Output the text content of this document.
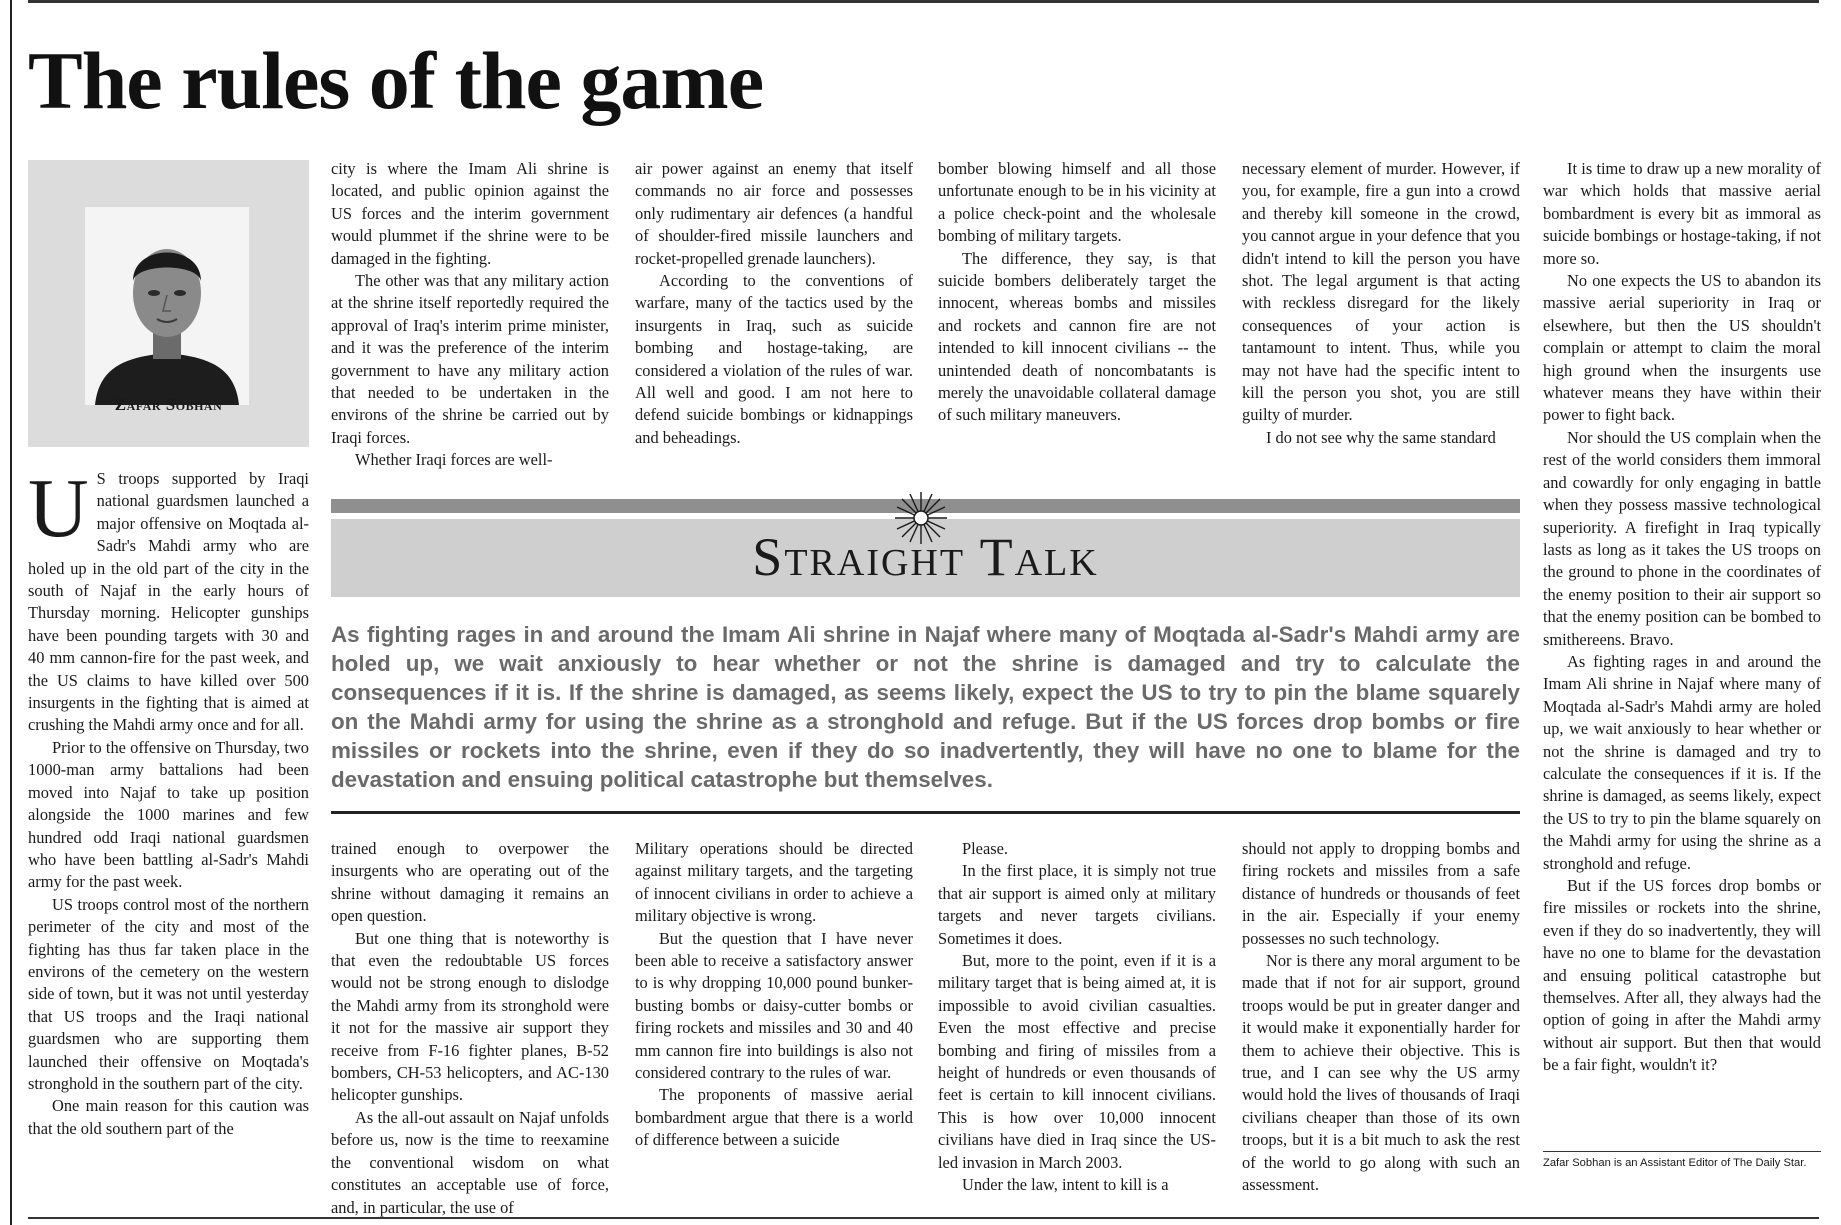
The rules of the game
Zafar Sobhan

U S troops supported by Iraqi national guardsmen launched a major offensive on Moqtada al-Sadr's Mahdi army who are holed up in the old part of the city in the south of Najaf in the early hours of Thursday morning. Helicopter gunships have been pounding targets with 30 and 40 mm cannon-fire for the past week, and the US claims to have killed over 500 insurgents in the fighting that is aimed at crushing the Mahdi army once and for all.

Prior to the offensive on Thursday, two 1000-man army battalions had been moved into Najaf to take up position alongside the 1000 marines and few hundred odd Iraqi national guardsmen who have been battling al-Sadr's Mahdi army for the past week.

US troops control most of the northern perimeter of the city and most of the fighting has thus far taken place in the environs of the cemetery on the western side of town, but it was not until yesterday that US troops and the Iraqi national guardsmen who are supporting them launched their offensive on Moqtada's stronghold in the southern part of the city.

One main reason for this caution was that the old southern part of the

city is where the Imam Ali shrine is located, and public opinion against the US forces and the interim government would plummet if the shrine were to be damaged in the fighting.

The other was that any military action at the shrine itself reportedly required the approval of Iraq's interim prime minister, and it was the preference of the interim government to have any military action that needed to be undertaken in the environs of the shrine be carried out by Iraqi forces.

Whether Iraqi forces are well-

air power against an enemy that itself commands no air force and possesses only rudimentary air defences (a handful of shoulder-fired missile launchers and rocket-propelled grenade launchers).

According to the conventions of warfare, many of the tactics used by the insurgents in Iraq, such as suicide bombing and hostage-taking, are considered a violation of the rules of war. All well and good. I am not here to defend suicide bombings or kidnappings and beheadings.

bomber blowing himself and all those unfortunate enough to be in his vicinity at a police check-point and the wholesale bombing of military targets.

The difference, they say, is that suicide bombers deliberately target the innocent, whereas bombs and missiles and rockets and cannon fire are not intended to kill innocent civilians -- the unintended death of noncombatants is merely the unavoidable collateral damage of such military maneuvers.

necessary element of murder. However, if you, for example, fire a gun into a crowd and thereby kill someone in the crowd, you cannot argue in your defence that you didn't intend to kill the person you have shot. The legal argument is that acting with reckless disregard for the likely consequences of your action is tantamount to intent. Thus, while you may not have had the specific intent to kill the person you shot, you are still guilty of murder.

I do not see why the same standard

Straight Talk
As fighting rages in and around the Imam Ali shrine in Najaf where many of Moqtada al-Sadr's Mahdi army are holed up, we wait anxiously to hear whether or not the shrine is damaged and try to calculate the consequences if it is. If the shrine is damaged, as seems likely, expect the US to try to pin the blame squarely on the Mahdi army for using the shrine as a stronghold and refuge. But if the US forces drop bombs or fire missiles or rockets into the shrine, even if they do so inadvertently, they will have no one to blame for the devastation and ensuing political catastrophe but themselves.

trained enough to overpower the insurgents who are operating out of the shrine without damaging it remains an open question.

But one thing that is noteworthy is that even the redoubtable US forces would not be strong enough to dislodge the Mahdi army from its stronghold were it not for the massive air support they receive from F-16 fighter planes, B-52 bombers, CH-53 helicopters, and AC-130 helicopter gunships.

As the all-out assault on Najaf unfolds before us, now is the time to reexamine the conventional wisdom on what constitutes an acceptable use of force, and, in particular, the use of

Military operations should be directed against military targets, and the targeting of innocent civilians in order to achieve a military objective is wrong.

But the question that I have never been able to receive a satisfactory answer to is why dropping 10,000 pound bunker-busting bombs or daisy-cutter bombs or firing rockets and missiles and 30 and 40 mm cannon fire into buildings is also not considered contrary to the rules of war.

The proponents of massive aerial bombardment argue that there is a world of difference between a suicide

Please.

In the first place, it is simply not true that air support is aimed only at military targets and never targets civilians. Sometimes it does.

But, more to the point, even if it is a military target that is being aimed at, it is impossible to avoid civilian casualties. Even the most effective and precise bombing and firing of missiles from a height of hundreds or even thousands of feet is certain to kill innocent civilians. This is how over 10,000 innocent civilians have died in Iraq since the US-led invasion in March 2003.

Under the law, intent to kill is a

should not apply to dropping bombs and firing rockets and missiles from a safe distance of hundreds or thousands of feet in the air. Especially if your enemy possesses no such technology.

Nor is there any moral argument to be made that if not for air support, ground troops would be put in greater danger and it would make it exponentially harder for them to achieve their objective. This is true, and I can see why the US army would hold the lives of thousands of Iraqi civilians cheaper than those of its own troops, but it is a bit much to ask the rest of the world to go along with such an assessment.

It is time to draw up a new morality of war which holds that massive aerial bombardment is every bit as immoral as suicide bombings or hostage-taking, if not more so.

No one expects the US to abandon its massive aerial superiority in Iraq or elsewhere, but then the US shouldn't complain or attempt to claim the moral high ground when the insurgents use whatever means they have within their power to fight back.

Nor should the US complain when the rest of the world considers them immoral and cowardly for only engaging in battle when they possess massive technological superiority. A firefight in Iraq typically lasts as long as it takes the US troops on the ground to phone in the coordinates of the enemy position to their air support so that the enemy position can be bombed to smithereens. Bravo.

As fighting rages in and around the Imam Ali shrine in Najaf where many of Moqtada al-Sadr's Mahdi army are holed up, we wait anxiously to hear whether or not the shrine is damaged and try to calculate the consequences if it is. If the shrine is damaged, as seems likely, expect the US to try to pin the blame squarely on the Mahdi army for using the shrine as a stronghold and refuge.

But if the US forces drop bombs or fire missiles or rockets into the shrine, even if they do so inadvertently, they will have no one to blame for the devastation and ensuing political catastrophe but themselves. After all, they always had the option of going in after the Mahdi army without air support. But then that would be a fair fight, wouldn't it?

Zafar Sobhan is an Assistant Editor of The Daily Star.
